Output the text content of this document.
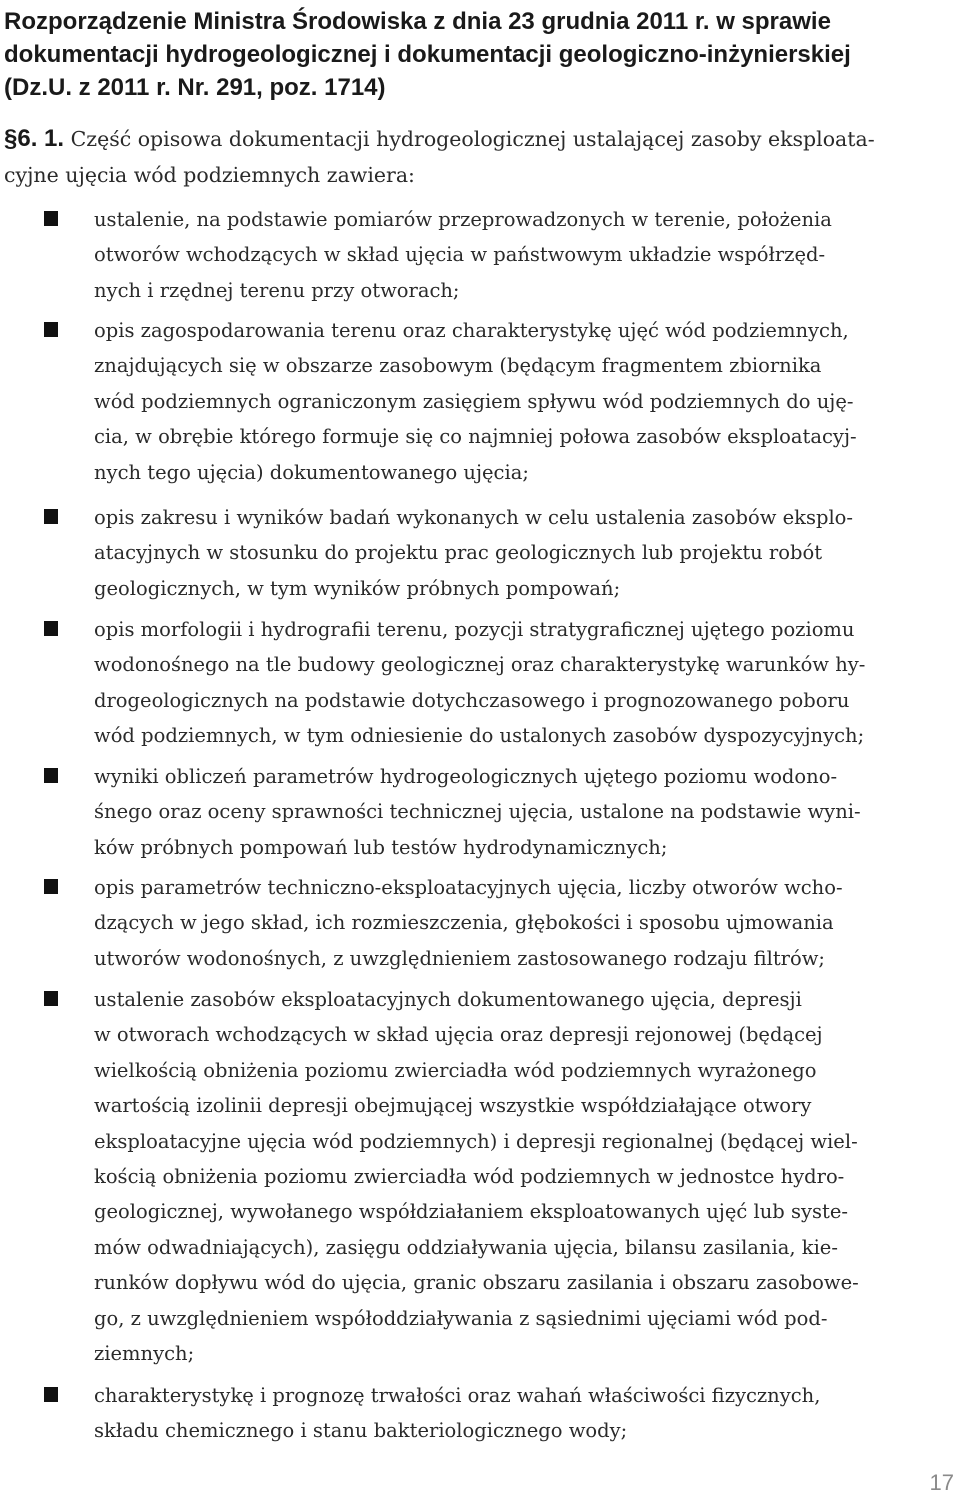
Rozporządzenie Ministra Środowiska z dnia 23 grudnia 2011 r. w sprawie
dokumentacji hydrogeologicznej i dokumentacji geologiczno-inżynierskiej
(Dz.U. z 2011 r. Nr. 291, poz. 1714)

§6. 1. Część opisowa dokumentacji hydrogeologicznej ustalającej zasoby eksploata-
cyjne ujęcia wód podziemnych zawiera:

ustalenie, na podstawie pomiarów przeprowadzonych w terenie, położenia
otworów wchodzących w skład ujęcia w państwowym układzie współrzęd-
nych i rzędnej terenu przy otworach;
opis zagospodarowania terenu oraz charakterystykę ujęć wód podziemnych,
znajdujących się w obszarze zasobowym (będącym fragmentem zbiornika
wód podziemnych ograniczonym zasięgiem spływu wód podziemnych do uję-
cia, w obrębie którego formuje się co najmniej połowa zasobów eksploatacyj-
nych tego ujęcia) dokumentowanego ujęcia;
opis zakresu i wyników badań wykonanych w celu ustalenia zasobów eksplo-
atacyjnych w stosunku do projektu prac geologicznych lub projektu robót
geologicznych, w tym wyników próbnych pompowań;
opis morfologii i hydrografii terenu, pozycji stratygraficznej ujętego poziomu
wodonośnego na tle budowy geologicznej oraz charakterystykę warunków hy-
drogeologicznych na podstawie dotychczasowego i prognozowanego poboru
wód podziemnych, w tym odniesienie do ustalonych zasobów dyspozycyjnych;
wyniki obliczeń parametrów hydrogeologicznych ujętego poziomu wodono-
śnego oraz oceny sprawności technicznej ujęcia, ustalone na podstawie wyni-
ków próbnych pompowań lub testów hydrodynamicznych;
opis parametrów techniczno-eksploatacyjnych ujęcia, liczby otworów wcho-
dzących w jego skład, ich rozmieszczenia, głębokości i sposobu ujmowania
utworów wodonośnych, z uwzględnieniem zastosowanego rodzaju filtrów;
ustalenie zasobów eksploatacyjnych dokumentowanego ujęcia, depresji
w otworach wchodzących w skład ujęcia oraz depresji rejonowej (będącej
wielkością obniżenia poziomu zwierciadła wód podziemnych wyrażonego
wartością izolinii depresji obejmującej wszystkie współdziałające otwory
eksploatacyjne ujęcia wód podziemnych) i depresji regionalnej (będącej wiel-
kością obniżenia poziomu zwierciadła wód podziemnych w jednostce hydro-
geologicznej, wywołanego współdziałaniem eksploatowanych ujęć lub syste-
mów odwadniających), zasięgu oddziaływania ujęcia, bilansu zasilania, kie-
runków dopływu wód do ujęcia, granic obszaru zasilania i obszaru zasobowe-
go, z uwzględnieniem współoddziaływania z sąsiednimi ujęciami wód pod-
ziemnych;
charakterystykę i prognozę trwałości oraz wahań właściwości fizycznych,
składu chemicznego i stanu bakteriologicznego wody;
17
